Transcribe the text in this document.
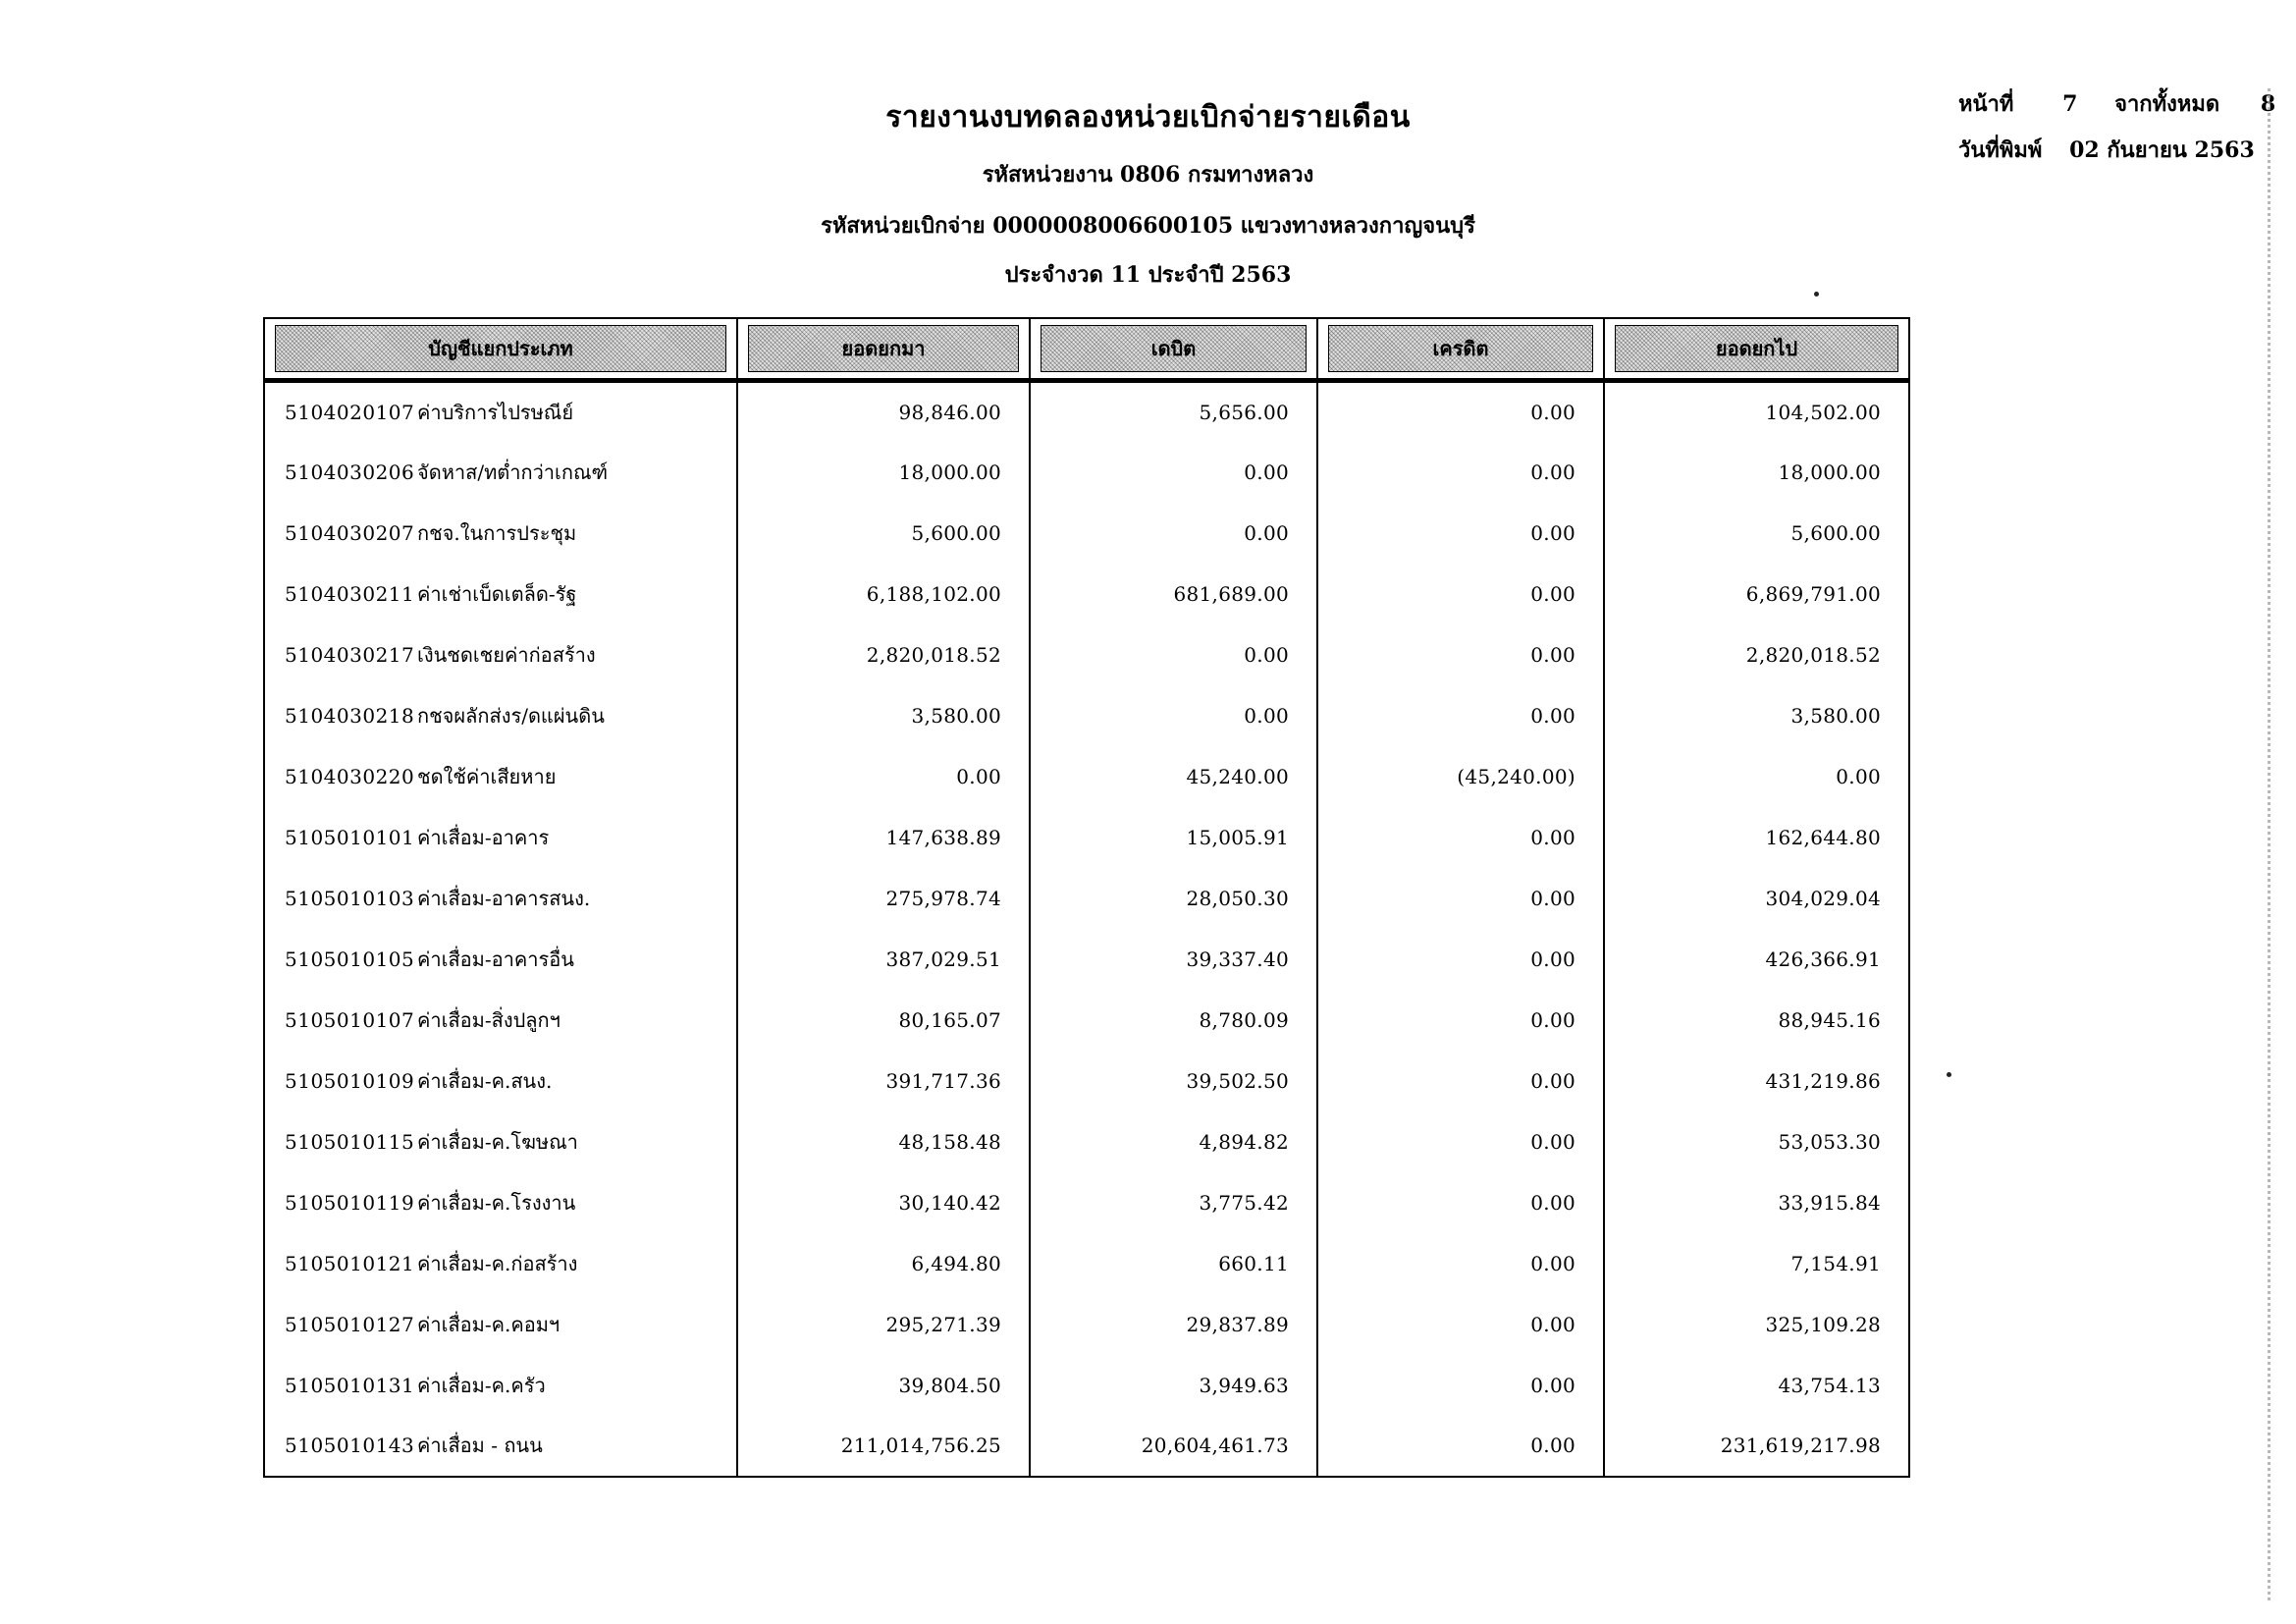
รายงานงบทดลองหน่วยเบิกจ่ายรายเดือน
รหัสหน่วยงาน 0806 กรมทางหลวง
รหัสหน่วยเบิกจ่าย 0000008006600105 แขวงทางหลวงกาญจนบุรี
ประจำงวด 11 ประจำปี 2563
หน้าที่ 7 จากทั้งหมด 8
วันที่พิมพ์ 02 กันยายน 2563
บัญชีแยกประเภท	ยอดยกมา	เดบิต	เครดิต	ยอดยกไป

5104020107 ค่าบริการไปรษณีย์	98,846.00	5,656.00	0.00	104,502.00
5104030206 จัดหาส/ทต่ำกว่าเกณฑ์	18,000.00	0.00	0.00	18,000.00
5104030207 กชจ.ในการประชุม	5,600.00	0.00	0.00	5,600.00
5104030211 ค่าเช่าเบ็ดเตล็ด-รัฐ	6,188,102.00	681,689.00	0.00	6,869,791.00
5104030217 เงินชดเชยค่าก่อสร้าง	2,820,018.52	0.00	0.00	2,820,018.52
5104030218 กชจผลักส่งร/ดแผ่นดิน	3,580.00	0.00	0.00	3,580.00
5104030220 ชดใช้ค่าเสียหาย	0.00	45,240.00	(45,240.00)	0.00
5105010101 ค่าเสื่อม-อาคาร	147,638.89	15,005.91	0.00	162,644.80
5105010103 ค่าเสื่อม-อาคารสนง.	275,978.74	28,050.30	0.00	304,029.04
5105010105 ค่าเสื่อม-อาคารอื่น	387,029.51	39,337.40	0.00	426,366.91
5105010107 ค่าเสื่อม-สิ่งปลูกฯ	80,165.07	8,780.09	0.00	88,945.16
5105010109 ค่าเสื่อม-ค.สนง.	391,717.36	39,502.50	0.00	431,219.86
5105010115 ค่าเสื่อม-ค.โฆษณา	48,158.48	4,894.82	0.00	53,053.30
5105010119 ค่าเสื่อม-ค.โรงงาน	30,140.42	3,775.42	0.00	33,915.84
5105010121 ค่าเสื่อม-ค.ก่อสร้าง	6,494.80	660.11	0.00	7,154.91
5105010127 ค่าเสื่อม-ค.คอมฯ	295,271.39	29,837.89	0.00	325,109.28
5105010131 ค่าเสื่อม-ค.ครัว	39,804.50	3,949.63	0.00	43,754.13
5105010143 ค่าเสื่อม - ถนน	211,014,756.25	20,604,461.73	0.00	231,619,217.98
